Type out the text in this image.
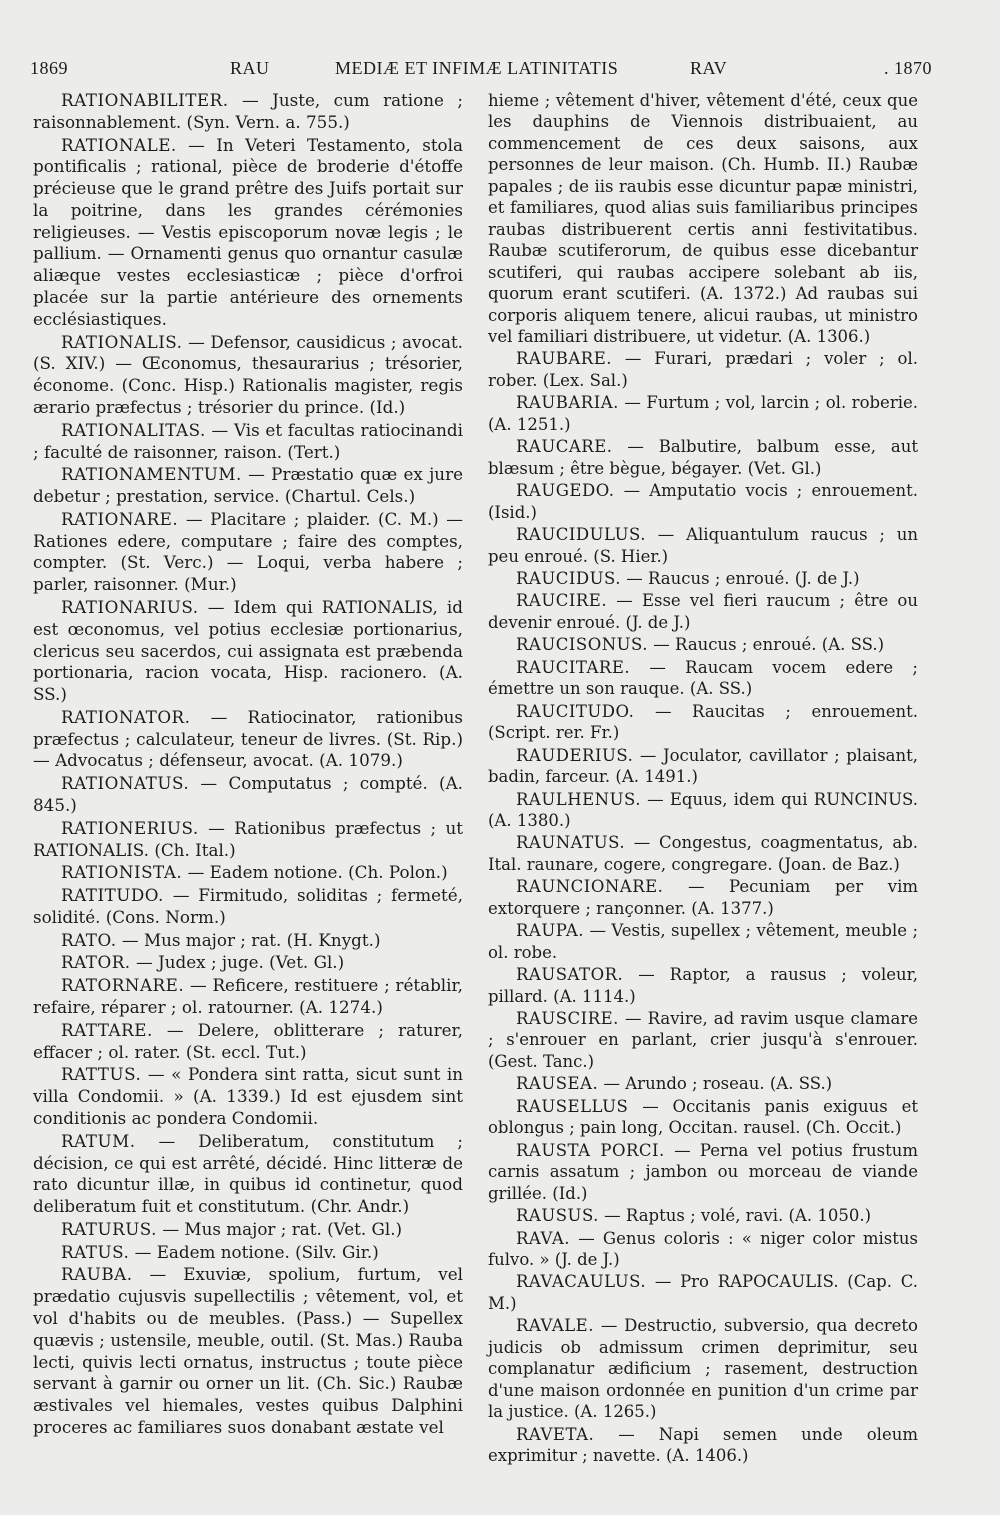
1869	RAU	MEDIÆ ET INFIMÆ LATINITATIS	RAV	. 1870

RATIONABILITER. — Juste, cum ratione ; raisonnablement. (Syn. Vern. a. 755.)

RATIONALE. — In Veteri Testamento, stola pontificalis ; rational, pièce de broderie d'étoffe précieuse que le grand prêtre des Juifs portait sur la poitrine, dans les grandes cérémonies religieuses. — Vestis episcoporum novæ legis ; le pallium. — Ornamenti genus quo ornantur casulæ aliæque vestes ecclesiasticæ ; pièce d'orfroi placée sur la partie antérieure des ornements ecclésiastiques.

RATIONALIS. — Defensor, causidicus ; avocat. (S. XIV.) — Œconomus, thesaurarius ; trésorier, économe. (Conc. Hisp.) Rationalis magister, regis ærario præfectus ; trésorier du prince. (Id.)

RATIONALITAS. — Vis et facultas ratiocinandi ; faculté de raisonner, raison. (Tert.)

RATIONAMENTUM. — Præstatio quæ ex jure debetur ; prestation, service. (Chartul. Cels.)

RATIONARE. — Placitare ; plaider. (C. M.) — Rationes edere, computare ; faire des comptes, compter. (St. Verc.) — Loqui, verba habere ; parler, raisonner. (Mur.)

RATIONARIUS. — Idem qui RATIONALIS, id est œconomus, vel potius ecclesiæ portionarius, clericus seu sacerdos, cui assignata est præbenda portionaria, racion vocata, Hisp. racionero. (A. SS.)

RATIONATOR. — Ratiocinator, rationibus præfectus ; calculateur, teneur de livres. (St. Rip.) — Advocatus ; défenseur, avocat. (A. 1079.)

RATIONATUS. — Computatus ; compté. (A. 845.)

RATIONERIUS. — Rationibus præfectus ; ut RATIONALIS. (Ch. Ital.)

RATIONISTA. — Eadem notione. (Ch. Polon.)

RATITUDO. — Firmitudo, soliditas ; fermeté, solidité. (Cons. Norm.)

RATO. — Mus major ; rat. (H. Knygt.)

RATOR. — Judex ; juge. (Vet. Gl.)

RATORNARE. — Reficere, restituere ; rétablir, refaire, réparer ; ol. ratourner. (A. 1274.)

RATTARE. — Delere, oblitterare ; raturer, effacer ; ol. rater. (St. eccl. Tut.)

RATTUS. — « Pondera sint ratta, sicut sunt in villa Condomii. » (A. 1339.) Id est ejusdem sint conditionis ac pondera Condomii.

RATUM. — Deliberatum, constitutum ; décision, ce qui est arrêté, décidé. Hinc litteræ de rato dicuntur illæ, in quibus id continetur, quod deliberatum fuit et constitutum. (Chr. Andr.)

RATURUS. — Mus major ; rat. (Vet. Gl.)

RATUS. — Eadem notione. (Silv. Gir.)

RAUBA. — Exuviæ, spolium, furtum, vel prædatio cujusvis supellectilis ; vêtement, vol, et vol d'habits ou de meubles. (Pass.) — Supellex quævis ; ustensile, meuble, outil. (St. Mas.) Rauba lecti, quivis lecti ornatus, instructus ; toute pièce servant à garnir ou orner un lit. (Ch. Sic.) Raubæ æstivales vel hiemales, vestes quibus Dalphini proceres ac familiares suos donabant æstate vel

hieme ; vêtement d'hiver, vêtement d'été, ceux que les dauphins de Viennois distribuaient, au commencement de ces deux saisons, aux personnes de leur maison. (Ch. Humb. II.) Raubæ papales ; de iis raubis esse dicuntur papæ ministri, et familiares, quod alias suis familiaribus principes raubas distribuerent certis anni festivitatibus. Raubæ scutiferorum, de quibus esse dicebantur scutiferi, qui raubas accipere solebant ab iis, quorum erant scutiferi. (A. 1372.) Ad raubas sui corporis aliquem tenere, alicui raubas, ut ministro vel familiari distribuere, ut videtur. (A. 1306.)

RAUBARE. — Furari, prædari ; voler ; ol. rober. (Lex. Sal.)

RAUBARIA. — Furtum ; vol, larcin ; ol. roberie. (A. 1251.)

RAUCARE. — Balbutire, balbum esse, aut blæsum ; être bègue, bégayer. (Vet. Gl.)

RAUGEDO. — Amputatio vocis ; enrouement. (Isid.)

RAUCIDULUS. — Aliquantulum raucus ; un peu enroué. (S. Hier.)

RAUCIDUS. — Raucus ; enroué. (J. de J.)

RAUCIRE. — Esse vel fieri raucum ; être ou devenir enroué. (J. de J.)

RAUCISONUS. — Raucus ; enroué. (A. SS.)

RAUCITARE. — Raucam vocem edere ; émettre un son rauque. (A. SS.)

RAUCITUDO. — Raucitas ; enrouement. (Script. rer. Fr.)

RAUDERIUS. — Joculator, cavillator ; plaisant, badin, farceur. (A. 1491.)

RAULHENUS. — Equus, idem qui RUNCINUS. (A. 1380.)

RAUNATUS. — Congestus, coagmentatus, ab. Ital. raunare, cogere, congregare. (Joan. de Baz.)

RAUNCIONARE. — Pecuniam per vim extorquere ; rançonner. (A. 1377.)

RAUPA. — Vestis, supellex ; vêtement, meuble ; ol. robe.

RAUSATOR. — Raptor, a rausus ; voleur, pillard. (A. 1114.)

RAUSCIRE. — Ravire, ad ravim usque clamare ; s'enrouer en parlant, crier jusqu'à s'enrouer. (Gest. Tanc.)

RAUSEA. — Arundo ; roseau. (A. SS.)

RAUSELLUS — Occitanis panis exiguus et oblongus ; pain long, Occitan. rausel. (Ch. Occit.)

RAUSTA PORCI. — Perna vel potius frustum carnis assatum ; jambon ou morceau de viande grillée. (Id.)

RAUSUS. — Raptus ; volé, ravi. (A. 1050.)

RAVA. — Genus coloris : « niger color mistus fulvo. » (J. de J.)

RAVACAULUS. — Pro RAPOCAULIS. (Cap. C. M.)

RAVALE. — Destructio, subversio, qua decreto judicis ob admissum crimen deprimitur, seu complanatur ædificium ; rasement, destruction d'une maison ordonnée en punition d'un crime par la justice. (A. 1265.)

RAVETA. — Napi semen unde oleum exprimitur ; navette. (A. 1406.)
